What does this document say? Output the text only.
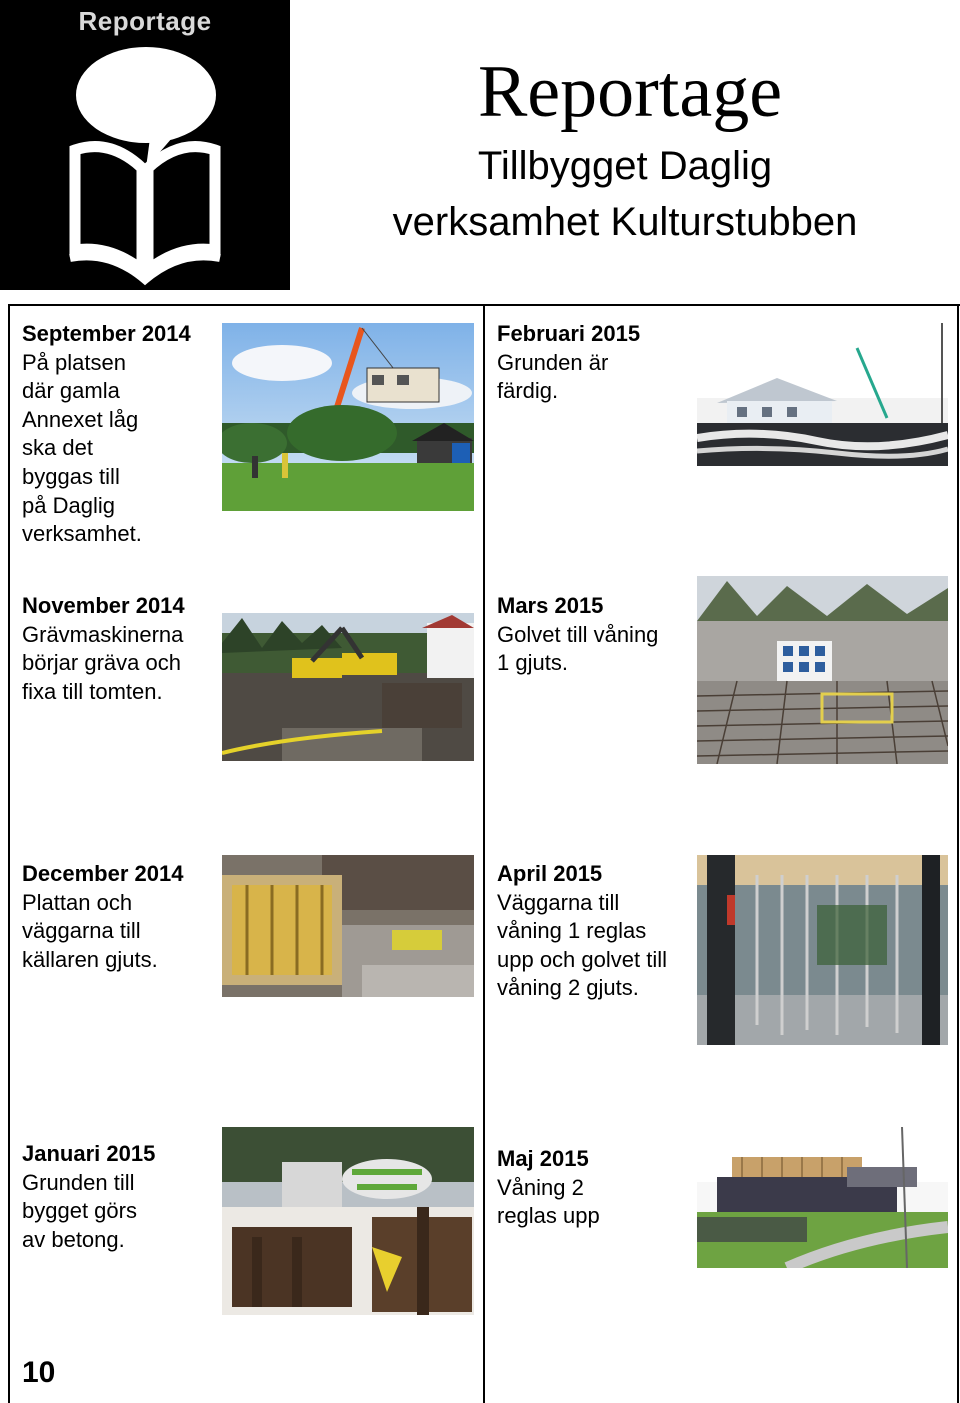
Reportage
Reportage
Tillbygget Daglig
verksamhet Kulturstubben
September 2014
På platsen
där gamla
Annexet låg
ska det
byggas till
på Daglig
verksamhet.
November 2014
Grävmaskinerna
börjar gräva och
fixa till tomten.
December 2014
Plattan och
väggarna till
källaren gjuts.
Januari 2015
Grunden till
bygget görs
av betong.
10
Februari 2015
Grunden är
färdig.
Mars 2015
Golvet till våning
1 gjuts.
April 2015
Väggarna till
våning 1 reglas
upp och golvet till
våning 2 gjuts.
Maj 2015
Våning 2
reglas upp
